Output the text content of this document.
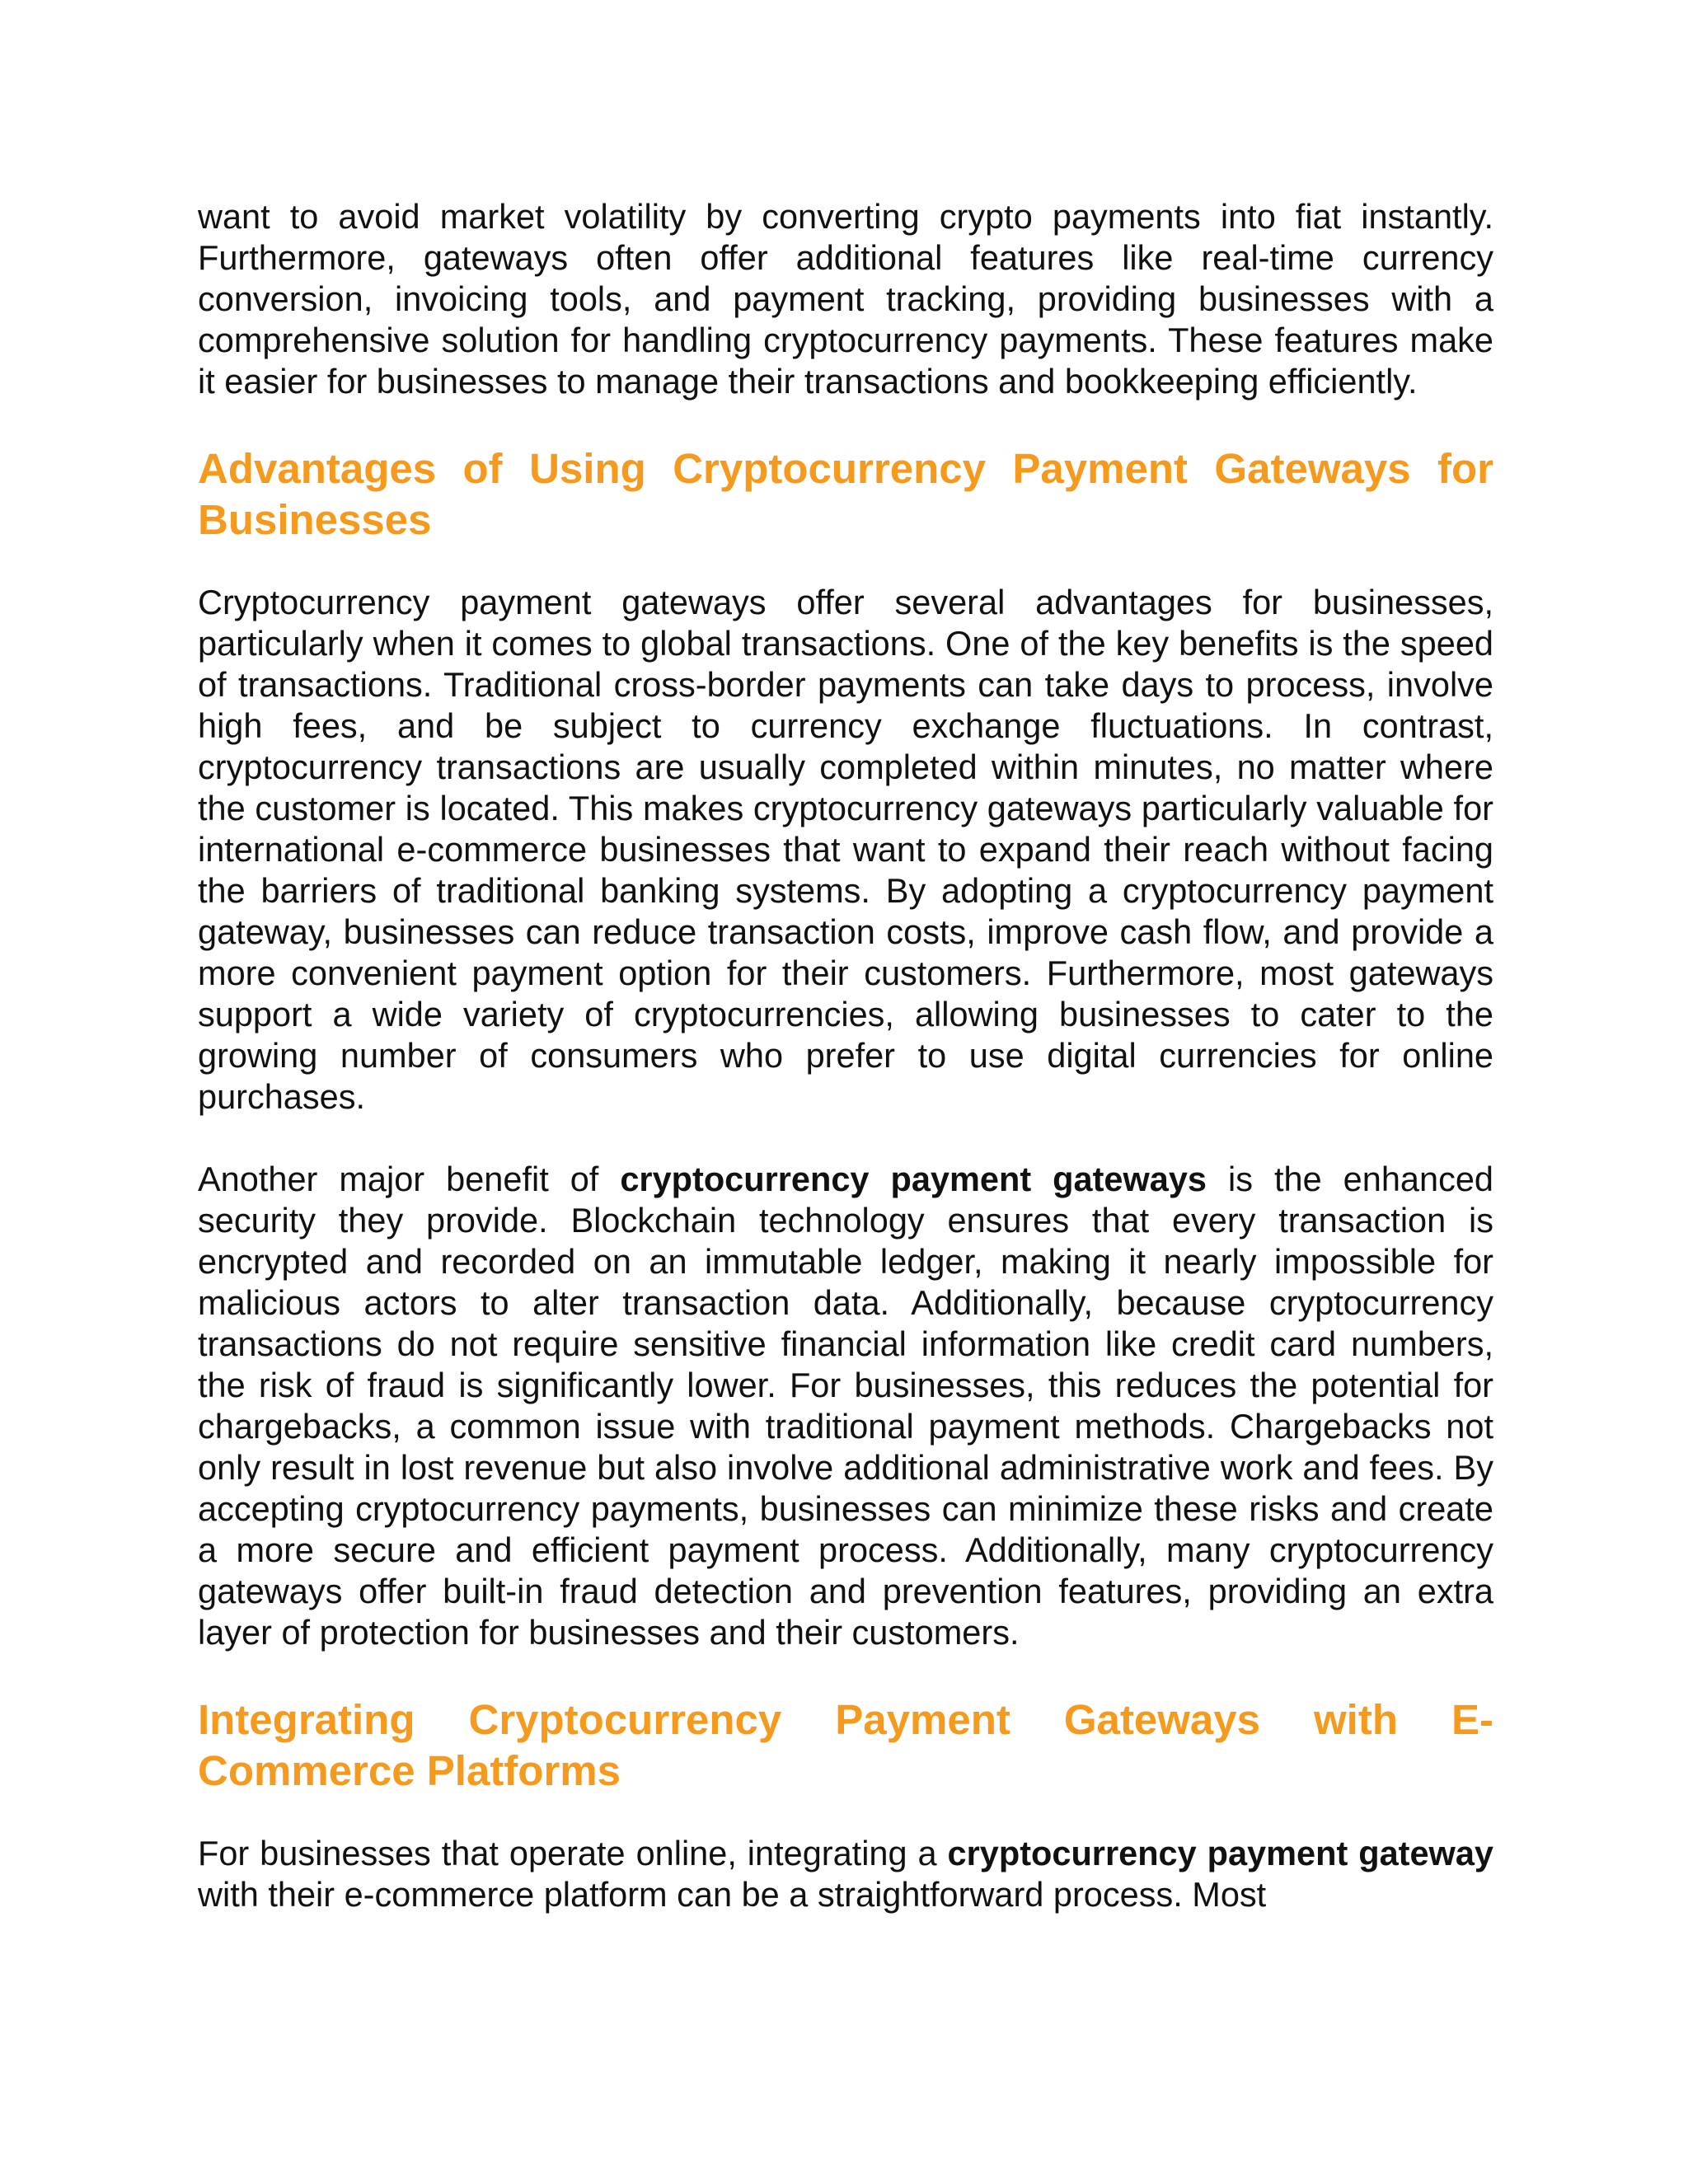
want to avoid market volatility by converting crypto payments into fiat instantly. Furthermore, gateways often offer additional features like real-time currency conversion, invoicing tools, and payment tracking, providing businesses with a comprehensive solution for handling cryptocurrency payments. These features make it easier for businesses to manage their transactions and bookkeeping efficiently.

Advantages of Using Cryptocurrency Payment Gateways for Businesses

Cryptocurrency payment gateways offer several advantages for businesses, particularly when it comes to global transactions. One of the key benefits is the speed of transactions. Traditional cross-border payments can take days to process, involve high fees, and be subject to currency exchange fluctuations. In contrast, cryptocurrency transactions are usually completed within minutes, no matter where the customer is located. This makes cryptocurrency gateways particularly valuable for international e-commerce businesses that want to expand their reach without facing the barriers of traditional banking systems. By adopting a cryptocurrency payment gateway, businesses can reduce transaction costs, improve cash flow, and provide a more convenient payment option for their customers. Furthermore, most gateways support a wide variety of cryptocurrencies, allowing businesses to cater to the growing number of consumers who prefer to use digital currencies for online purchases.

Another major benefit of cryptocurrency payment gateways is the enhanced security they provide. Blockchain technology ensures that every transaction is encrypted and recorded on an immutable ledger, making it nearly impossible for malicious actors to alter transaction data. Additionally, because cryptocurrency transactions do not require sensitive financial information like credit card numbers, the risk of fraud is significantly lower. For businesses, this reduces the potential for chargebacks, a common issue with traditional payment methods. Chargebacks not only result in lost revenue but also involve additional administrative work and fees. By accepting cryptocurrency payments, businesses can minimize these risks and create a more secure and efficient payment process. Additionally, many cryptocurrency gateways offer built-in fraud detection and prevention features, providing an extra layer of protection for businesses and their customers.

Integrating Cryptocurrency Payment Gateways with E-Commerce Platforms

For businesses that operate online, integrating a cryptocurrency payment gateway with their e-commerce platform can be a straightforward process. Most
